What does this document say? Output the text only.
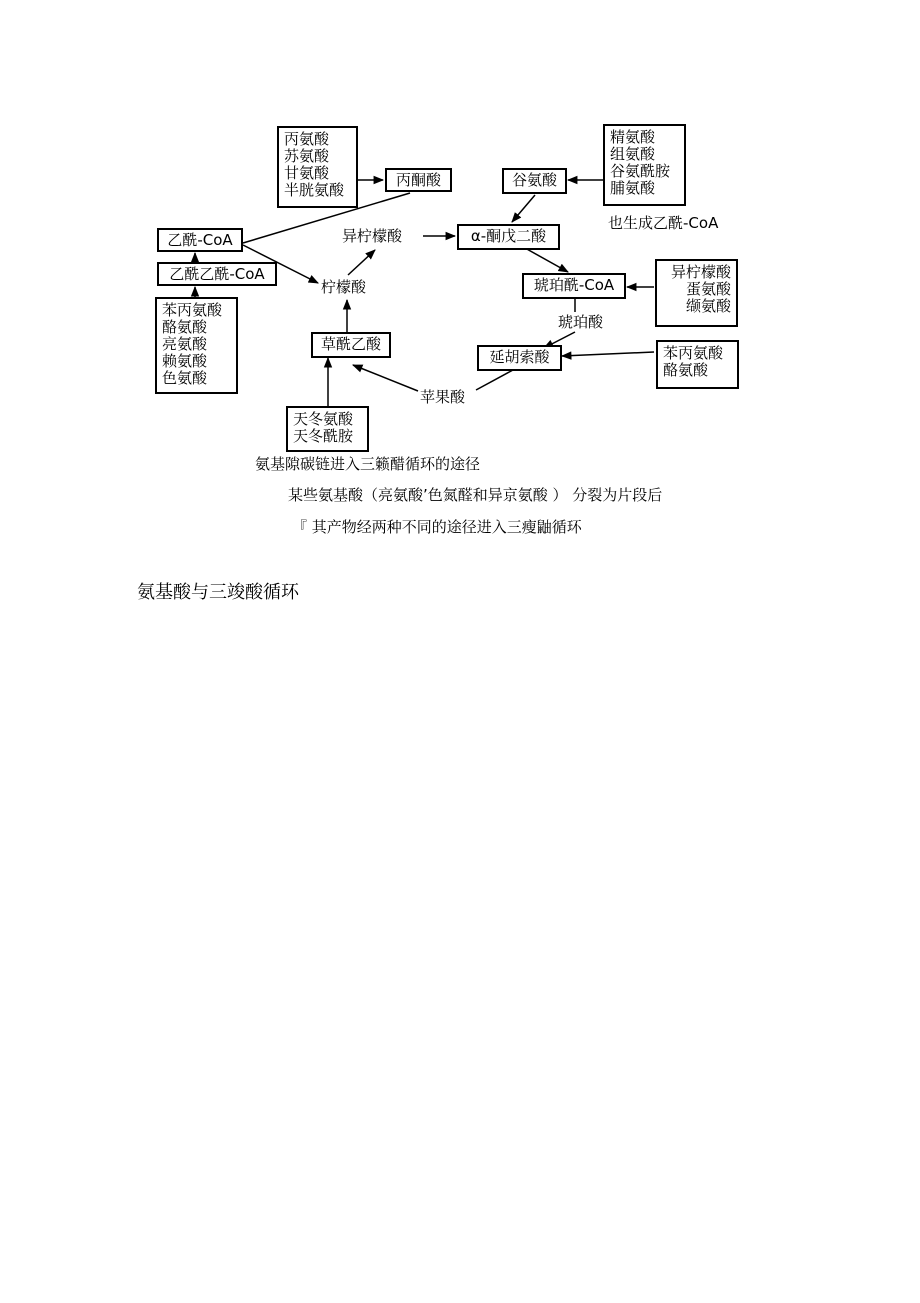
丙氨酸
苏氨酸
甘氨酸
半胱氨酸
苯丙氨酸
酪氨酸
亮氨酸
赖氨酸
色氨酸
精氨酸
组氨酸
谷氨酰胺
脯氨酸
异柠檬酸
蛋氨酸
缬氨酸
苯丙氨酸
酪氨酸
天冬氨酸
天冬酰胺
丙酮酸
乙酰-CoA
乙酰乙酰-CoA
谷氨酸
α-酮戊二酸
琥珀酰-CoA
延胡索酸
草酰乙酸
异柠檬酸
柠檬酸
琥珀酸
苹果酸
也生成乙酰-CoA
氨基隙碳链进入三籁醋循环的途径
某些氨基酸（亮氨酸’色氮醛和异京氨酸 ） 分裂为片段后
『 其产物经两种不同的途径进入三瘦鼬循环
氨基酸与三竣酸循环
